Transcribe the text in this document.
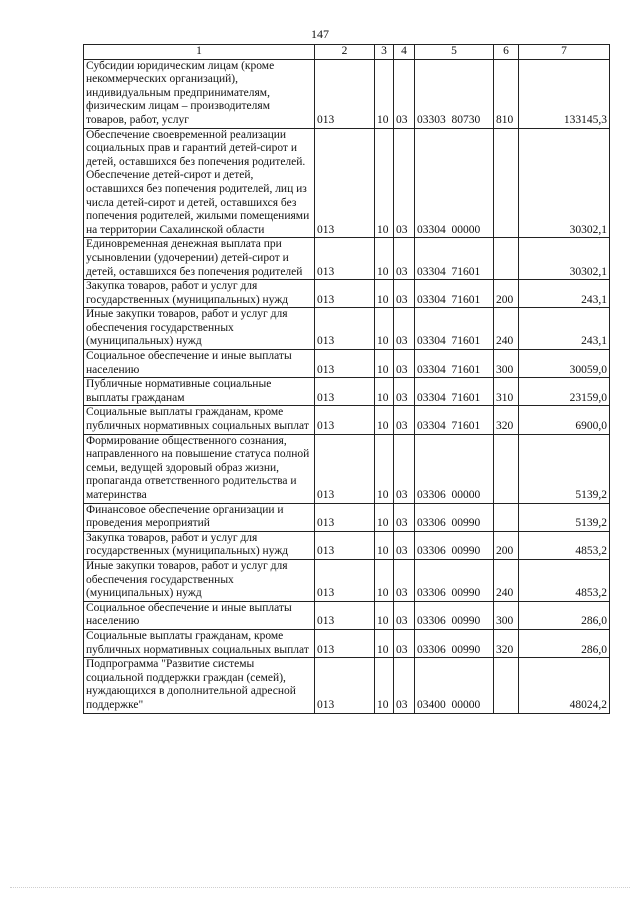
147
1	2	3	4	5	6	7
Субсидии юридическим лицам (кроме некоммерческих организаций), индивидуальным предпринимателям, физическим лицам – производителям товаров, работ, услуг	013	10	03	03303  80730	810	133145,3
Обеспечение своевременной реализации социальных прав и гарантий детей-сирот и детей, оставшихся без попечения родителей. Обеспечение детей-сирот и детей, оставшихся без попечения родителей, лиц из числа детей-сирот и детей, оставшихся без попечения родителей, жилыми помещениями на территории Сахалинской области	013	10	03	03304  00000		30302,1
Единовременная денежная выплата при усыновлении (удочерении) детей-сирот и детей, оставшихся без попечения родителей	013	10	03	03304  71601		30302,1
Закупка товаров, работ и услуг для государственных (муниципальных) нужд	013	10	03	03304  71601	200	243,1
Иные закупки товаров, работ и услуг для обеспечения государственных (муниципальных) нужд	013	10	03	03304  71601	240	243,1
Социальное обеспечение и иные выплаты населению	013	10	03	03304  71601	300	30059,0
Публичные нормативные социальные выплаты гражданам	013	10	03	03304  71601	310	23159,0
Социальные выплаты гражданам, кроме публичных нормативных социальных выплат	013	10	03	03304  71601	320	6900,0
Формирование общественного сознания, направленного на повышение статуса полной семьи, ведущей здоровый образ жизни, пропаганда ответственного родительства и материнства	013	10	03	03306  00000		5139,2
Финансовое обеспечение организации и проведения мероприятий	013	10	03	03306  00990		5139,2
Закупка товаров, работ и услуг для государственных (муниципальных) нужд	013	10	03	03306  00990	200	4853,2
Иные закупки товаров, работ и услуг для обеспечения государственных (муниципальных) нужд	013	10	03	03306  00990	240	4853,2
Социальное обеспечение и иные выплаты населению	013	10	03	03306  00990	300	286,0
Социальные выплаты гражданам, кроме публичных нормативных социальных выплат	013	10	03	03306  00990	320	286,0
Подпрограмма "Развитие системы социальной поддержки граждан (семей), нуждающихся в дополнительной адресной поддержке"	013	10	03	03400  00000		48024,2
